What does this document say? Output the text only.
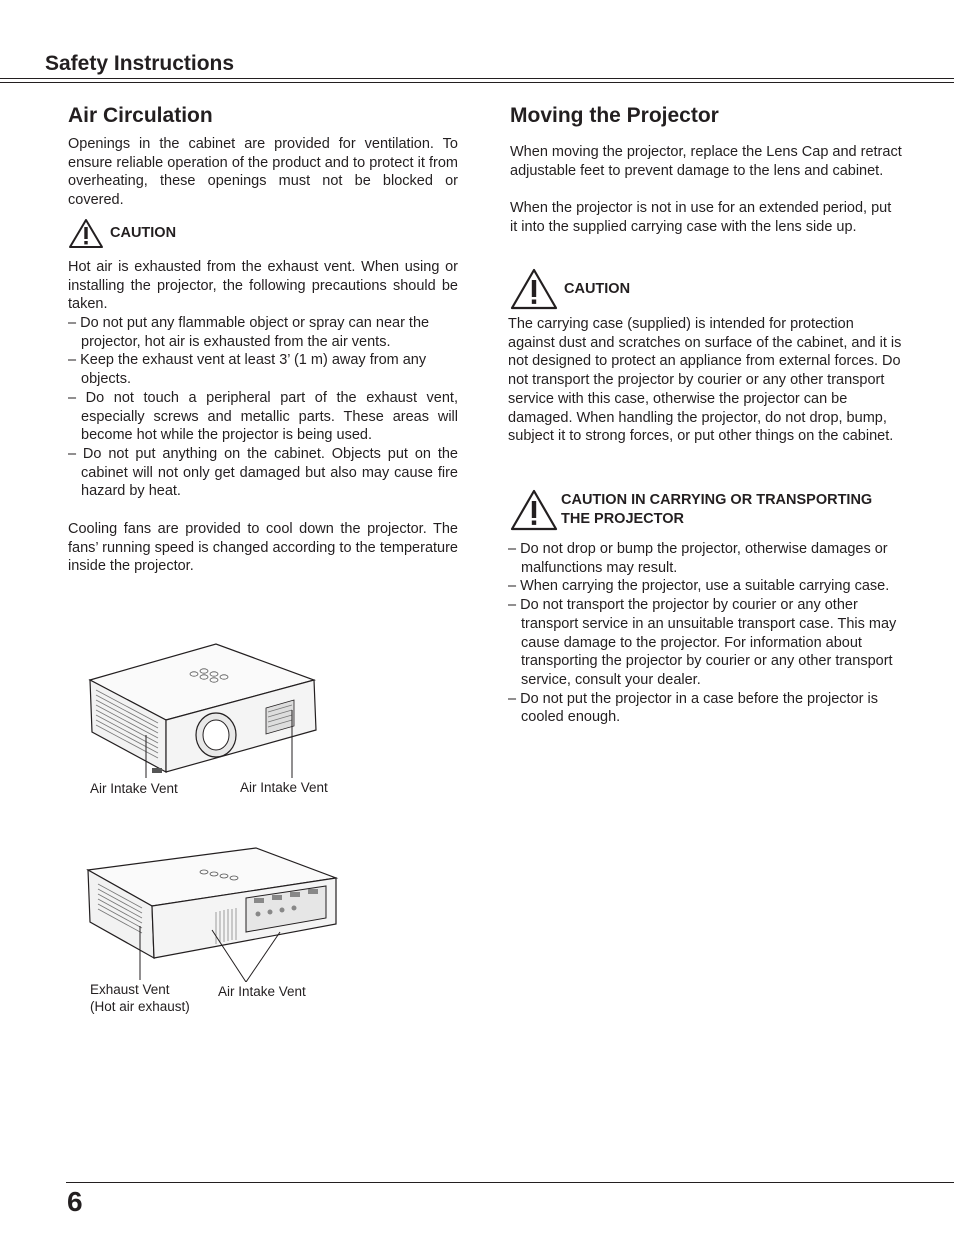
Safety Instructions
Air Circulation

Openings in the cabinet are provided for ventilation. To ensure reliable operation of the product and to protect it from overheating, these openings must not be blocked or covered.

CAUTION

Hot air is exhausted from the exhaust vent. When using or installing the projector, the following precautions should be taken.

– Do not put any flammable object or spray can near the projector, hot air is exhausted from the air vents.
– Keep the exhaust vent at least 3’ (1 m) away from any objects.
– Do not touch a peripheral part of the exhaust vent, especially screws and metallic parts. These areas will become hot while the projector is being used.
– Do not put anything on the cabinet. Objects put on the cabinet will not only get damaged but also may cause fire hazard by heat.

Cooling fans are provided to cool down the projector. The fans’ running speed is changed according to the temperature inside the projector.

Air Intake Vent	Air Intake Vent
Exhaust Vent
(Hot air exhaust)
Air Intake Vent
Moving the Projector

When moving the projector, replace the Lens Cap and retract adjustable feet to prevent damage to the lens and cabinet.

When the projector is not in use for an extended period, put it into the supplied carrying case with the lens side up.

CAUTION

The carrying case (supplied) is intended for protection against dust and scratches on surface of the cabinet, and it is not designed to protect an appliance from external forces. Do not transport the projector by courier or any other transport service with this case, otherwise the projector can be damaged. When handling the projector, do not drop, bump, subject it to strong forces, or put other things on the cabinet.

CAUTION IN CARRYING OR TRANSPORTING
THE PROJECTOR
– Do not drop or bump the projector, otherwise damages or malfunctions may result.
– When carrying the projector, use a suitable carrying case.
– Do not transport the projector by courier or any other transport service in an unsuitable transport case. This may cause damage to the projector. For information about transporting the projector by courier or any other transport service, consult your dealer.
– Do not put the projector in a case before the projector is cooled enough.
6
